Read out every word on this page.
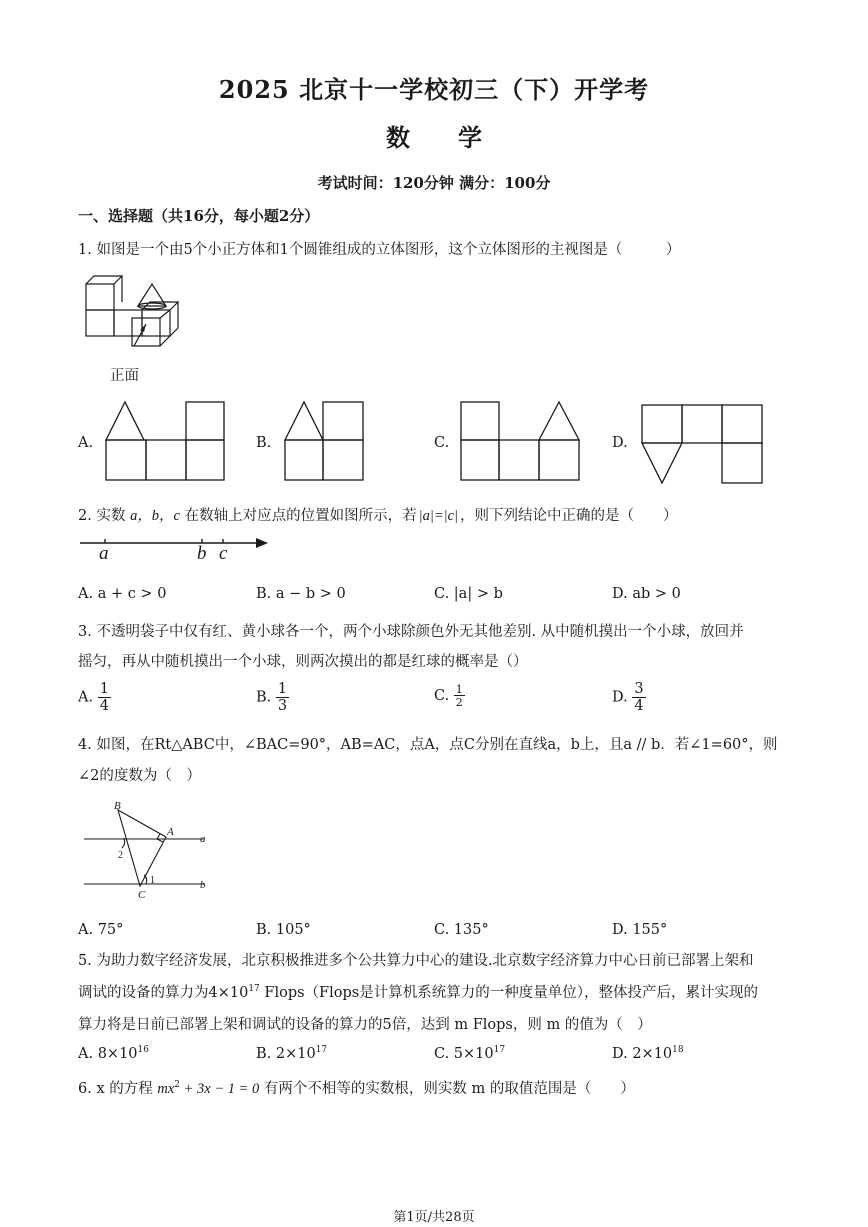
2025 北京十一学校初三（下）开学考
数　　学
考试时间：120分钟 满分：100分
一、选择题（共16分，每小题2分）
1. 如图是一个由5个小正方体和1个圆锥组成的立体图形，这个立体图形的主视图是（　　　）
正面
A.	B.	C.	D.
2. 实数 a，b，c 在数轴上对应点的位置如图所示，若 |a|=|c| ，则下列结论中正确的是（　　）
a	b c
A. a + c > 0	B. a − b > 0	C. |a| > b	D. ab > 0
3. 不透明袋子中仅有红、黄小球各一个，两个小球除颜色外无其他差别. 从中随机摸出一个小球，放回并
摇匀，再从中随机摸出一个小球，则两次摸出的都是红球的概率是（）
A. $\frac{1}{4}$	B. $\frac{1}{3}$	C. $\frac{1}{2}$	D. $\frac{3}{4}$
4. 如图，在Rt△ABC中，∠BAC=90°，AB=AC，点A，点C分别在直线a，b上，且a // b．若∠1=60°，则
∠2的度数为（　）
B
A
C
a
b
1
2
A. 75°	B. 105°	C. 135°	D. 155°
5. 为助力数字经济发展，北京积极推进多个公共算力中心的建设.北京数字经济算力中心日前已部署上架和
调试的设备的算力为$4\times 10^{17}$ Flops（Flops是计算机系统算力的一种度量单位），整体投产后，累计实现的
算力将是日前已部署上架和调试的设备的算力的5倍，达到 m Flops，则 m 的值为（　）
A. $8\times 10^{16}$	B. $2\times 10^{17}$	C. $5\times 10^{17}$	D. $2\times 10^{18}$
6. x 的方程 $mx^2 + 3x - 1 = 0$ 有两个不相等的实数根，则实数 m 的取值范围是（　　）
第1页/共28页
